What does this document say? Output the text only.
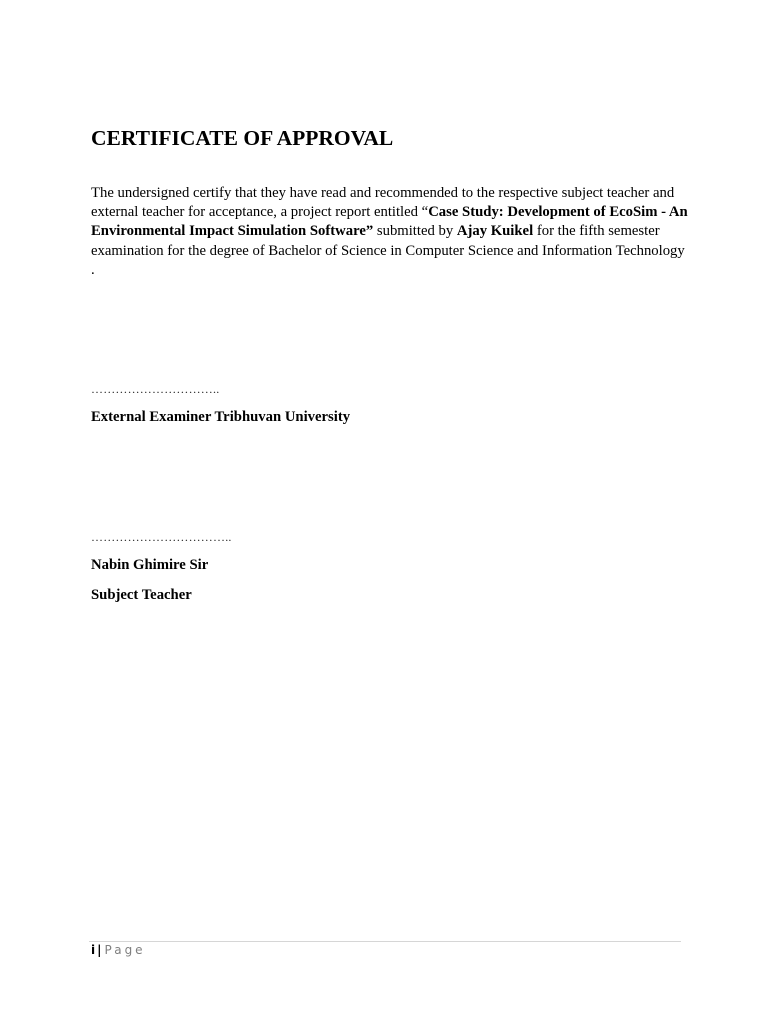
CERTIFICATE OF APPROVAL

The undersigned certify that they have read and recommended to the respective subject teacher and external teacher for acceptance, a project report entitled “Case Study: Development of EcoSim - An Environmental Impact Simulation Software” submitted by Ajay Kuikel for the fifth semester examination for the degree of Bachelor of Science in Computer Science and Information Technology .

…………………………..

External Examiner Tribhuvan University

……………………………..

Nabin Ghimire Sir

Subject Teacher

i | Page
